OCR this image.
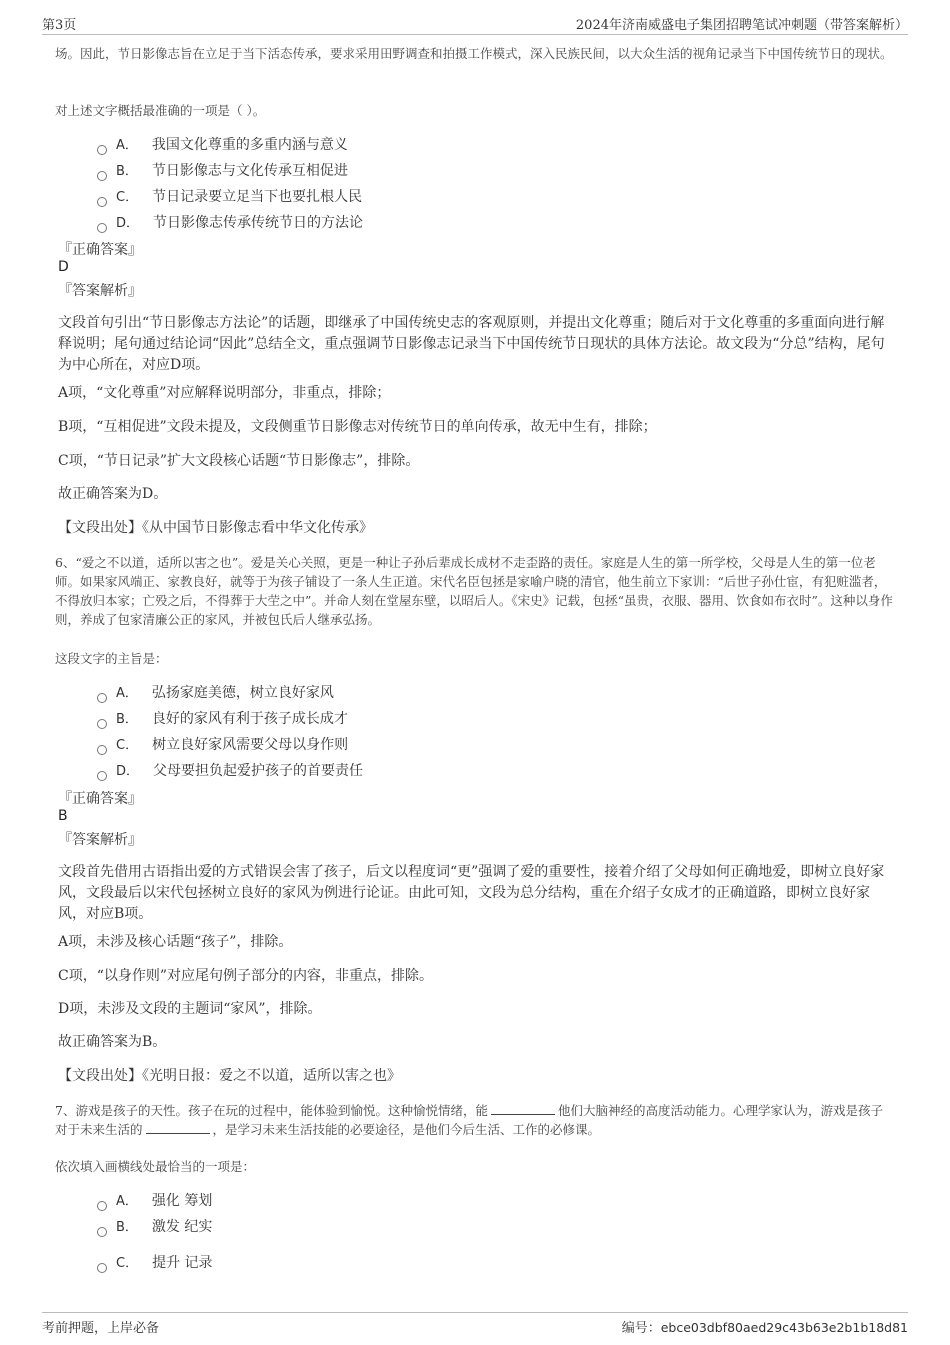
第3页	2024年济南威盛电子集团招聘笔试冲刺题（带答案解析）
场。因此，节日影像志旨在立足于当下活态传承，要求采用田野调查和拍摄工作模式，深入民族民间，以大众生活的视角记录当下中国传统节日的现状。
对上述文字概括最准确的一项是（ ）。
A． 我国文化尊重的多重内涵与意义
B． 节日影像志与文化传承互相促进
C． 节日记录要立足当下也要扎根人民
D． 节日影像志传承传统节日的方法论
『正确答案』
D
『答案解析』
文段首句引出“节日影像志方法论”的话题，即继承了中国传统史志的客观原则，并提出文化尊重；随后对于文化尊重的多重面向进行解释说明；尾句通过结论词“因此”总结全文，重点强调节日影像志记录当下中国传统节日现状的具体方法论。故文段为“分总”结构，尾句为中心所在，对应D项。
A项，“文化尊重”对应解释说明部分，非重点，排除；
B项，“互相促进”文段未提及，文段侧重节日影像志对传统节日的单向传承，故无中生有，排除；
C项，“节日记录”扩大文段核心话题“节日影像志”，排除。
故正确答案为D。
【文段出处】《从中国节日影像志看中华文化传承》
6、“爱之不以道，适所以害之也”。爱是关心关照，更是一种让子孙后辈成长成材不走歪路的责任。家庭是人生的第一所学校，父母是人生的第一位老师。如果家风端正、家教良好，就等于为孩子铺设了一条人生正道。宋代名臣包拯是家喻户晓的清官，他生前立下家训：“后世子孙仕宦，有犯赃滥者，不得放归本家；亡殁之后，不得葬于大茔之中”。并命人刻在堂屋东壁，以昭后人。《宋史》记载，包拯“虽贵，衣服、器用、饮食如布衣时”。这种以身作则，养成了包家清廉公正的家风，并被包氏后人继承弘扬。
这段文字的主旨是：
A． 弘扬家庭美德，树立良好家风
B． 良好的家风有利于孩子成长成才
C． 树立良好家风需要父母以身作则
D． 父母要担负起爱护孩子的首要责任
『正确答案』
B
『答案解析』
文段首先借用古语指出爱的方式错误会害了孩子，后文以程度词“更”强调了爱的重要性，接着介绍了父母如何正确地爱，即树立良好家风，文段最后以宋代包拯树立良好的家风为例进行论证。由此可知，文段为总分结构，重在介绍子女成才的正确道路，即树立良好家风，对应B项。
A项，未涉及核心话题“孩子”，排除。
C项，“以身作则”对应尾句例子部分的内容，非重点，排除。
D项，未涉及文段的主题词“家风”，排除。
故正确答案为B。
【文段出处】《光明日报：爱之不以道，适所以害之也》
7、游戏是孩子的天性。孩子在玩的过程中，能体验到愉悦。这种愉悦情绪，能	他们大脑神经的高度活动能力。心理学家认为，游戏是孩子对于未来生活的	，是学习未来生活技能的必要途径，是他们今后生活、工作的必修课。
依次填入画横线处最恰当的一项是：
A． 强化 筹划
B． 激发 纪实
C． 提升 记录
考前押题，上岸必备	编号：ebce03dbf80aed29c43b63e2b1b18d81
